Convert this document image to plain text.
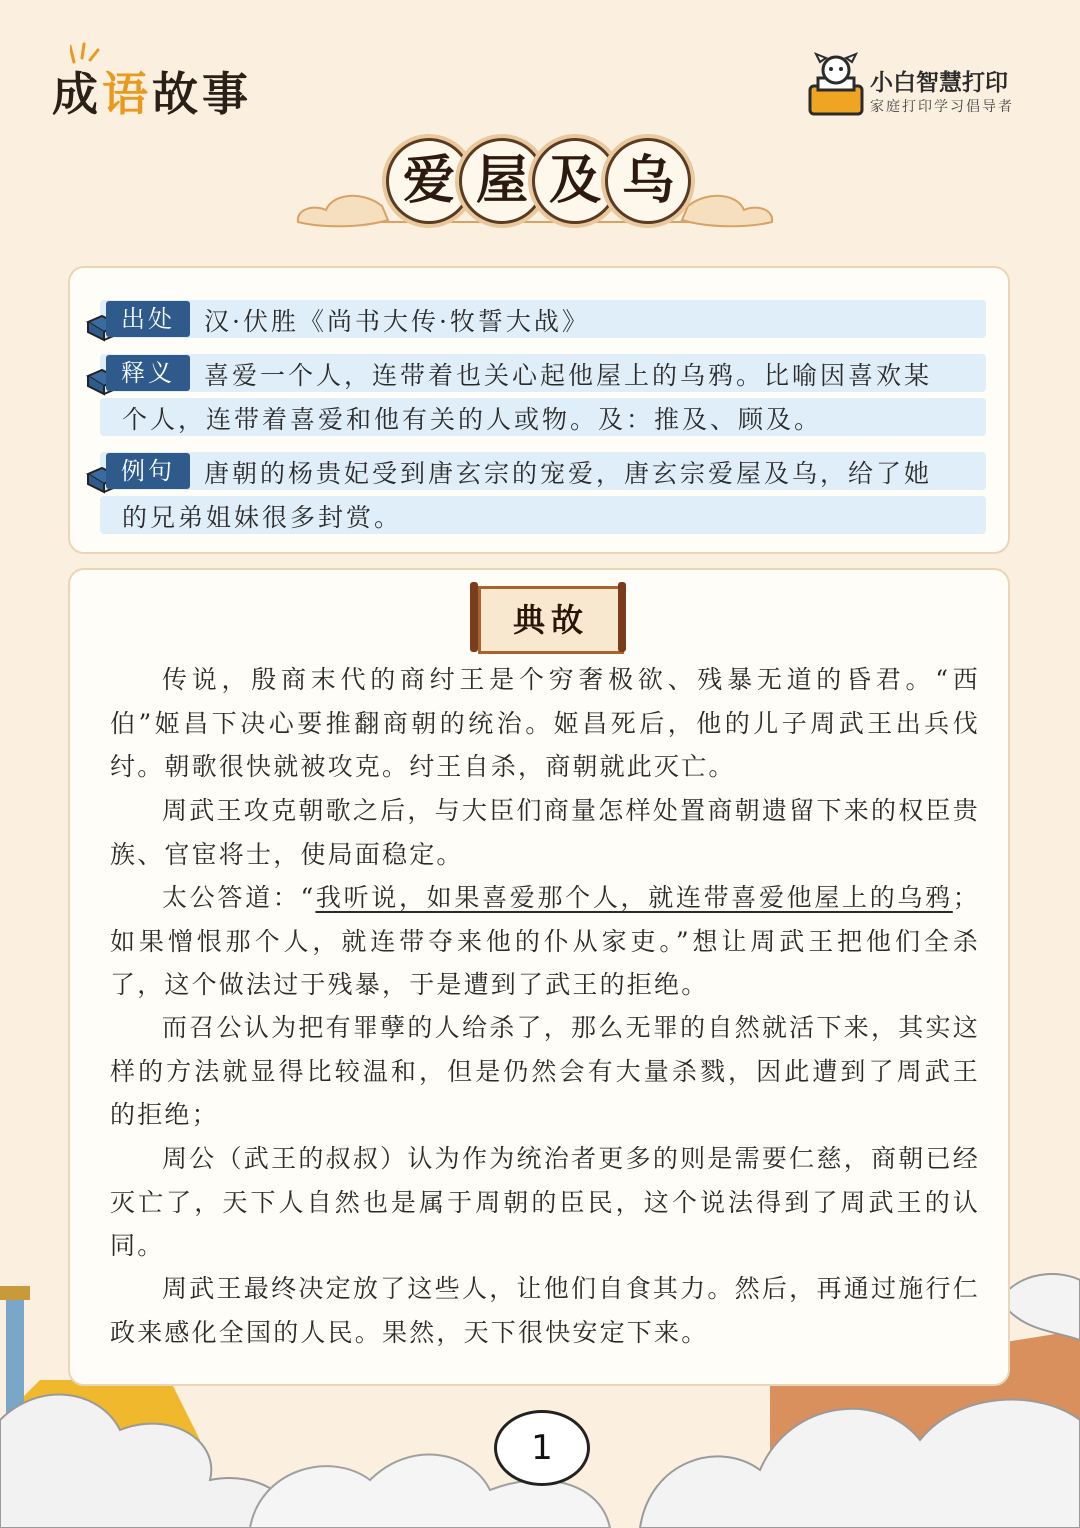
成语故事	小白智慧打印
家庭打印学习倡导者
爱 屋 及 乌
出处	汉·伏胜《尚书大传·牧誓大战》
释义	喜爱一个人，连带着也关心起他屋上的乌鸦。比喻因喜欢某
个人，连带着喜爱和他有关的人或物。及：推及、顾及。
例句	唐朝的杨贵妃受到唐玄宗的宠爱，唐玄宗爱屋及乌，给了她
的兄弟姐妹很多封赏。
典故

传说，殷商末代的商纣王是个穷奢极欲、残暴无道的昏君。“西伯”姬昌下决心要推翻商朝的统治。姬昌死后，他的儿子周武王出兵伐纣。朝歌很快就被攻克。纣王自杀，商朝就此灭亡。

周武王攻克朝歌之后，与大臣们商量怎样处置商朝遗留下来的权臣贵族、官宦将士，使局面稳定。

太公答道：“我听说，如果喜爱那个人，就连带喜爱他屋上的乌鸦；如果憎恨那个人，就连带夺来他的仆从家吏。”想让周武王把他们全杀了，这个做法过于残暴，于是遭到了武王的拒绝。

而召公认为把有罪孽的人给杀了，那么无罪的自然就活下来，其实这样的方法就显得比较温和，但是仍然会有大量杀戮，因此遭到了周武王的拒绝；

周公（武王的叔叔）认为作为统治者更多的则是需要仁慈，商朝已经灭亡了，天下人自然也是属于周朝的臣民，这个说法得到了周武王的认同。

周武王最终决定放了这些人，让他们自食其力。然后，再通过施行仁政来感化全国的人民。果然，天下很快安定下来。

1
